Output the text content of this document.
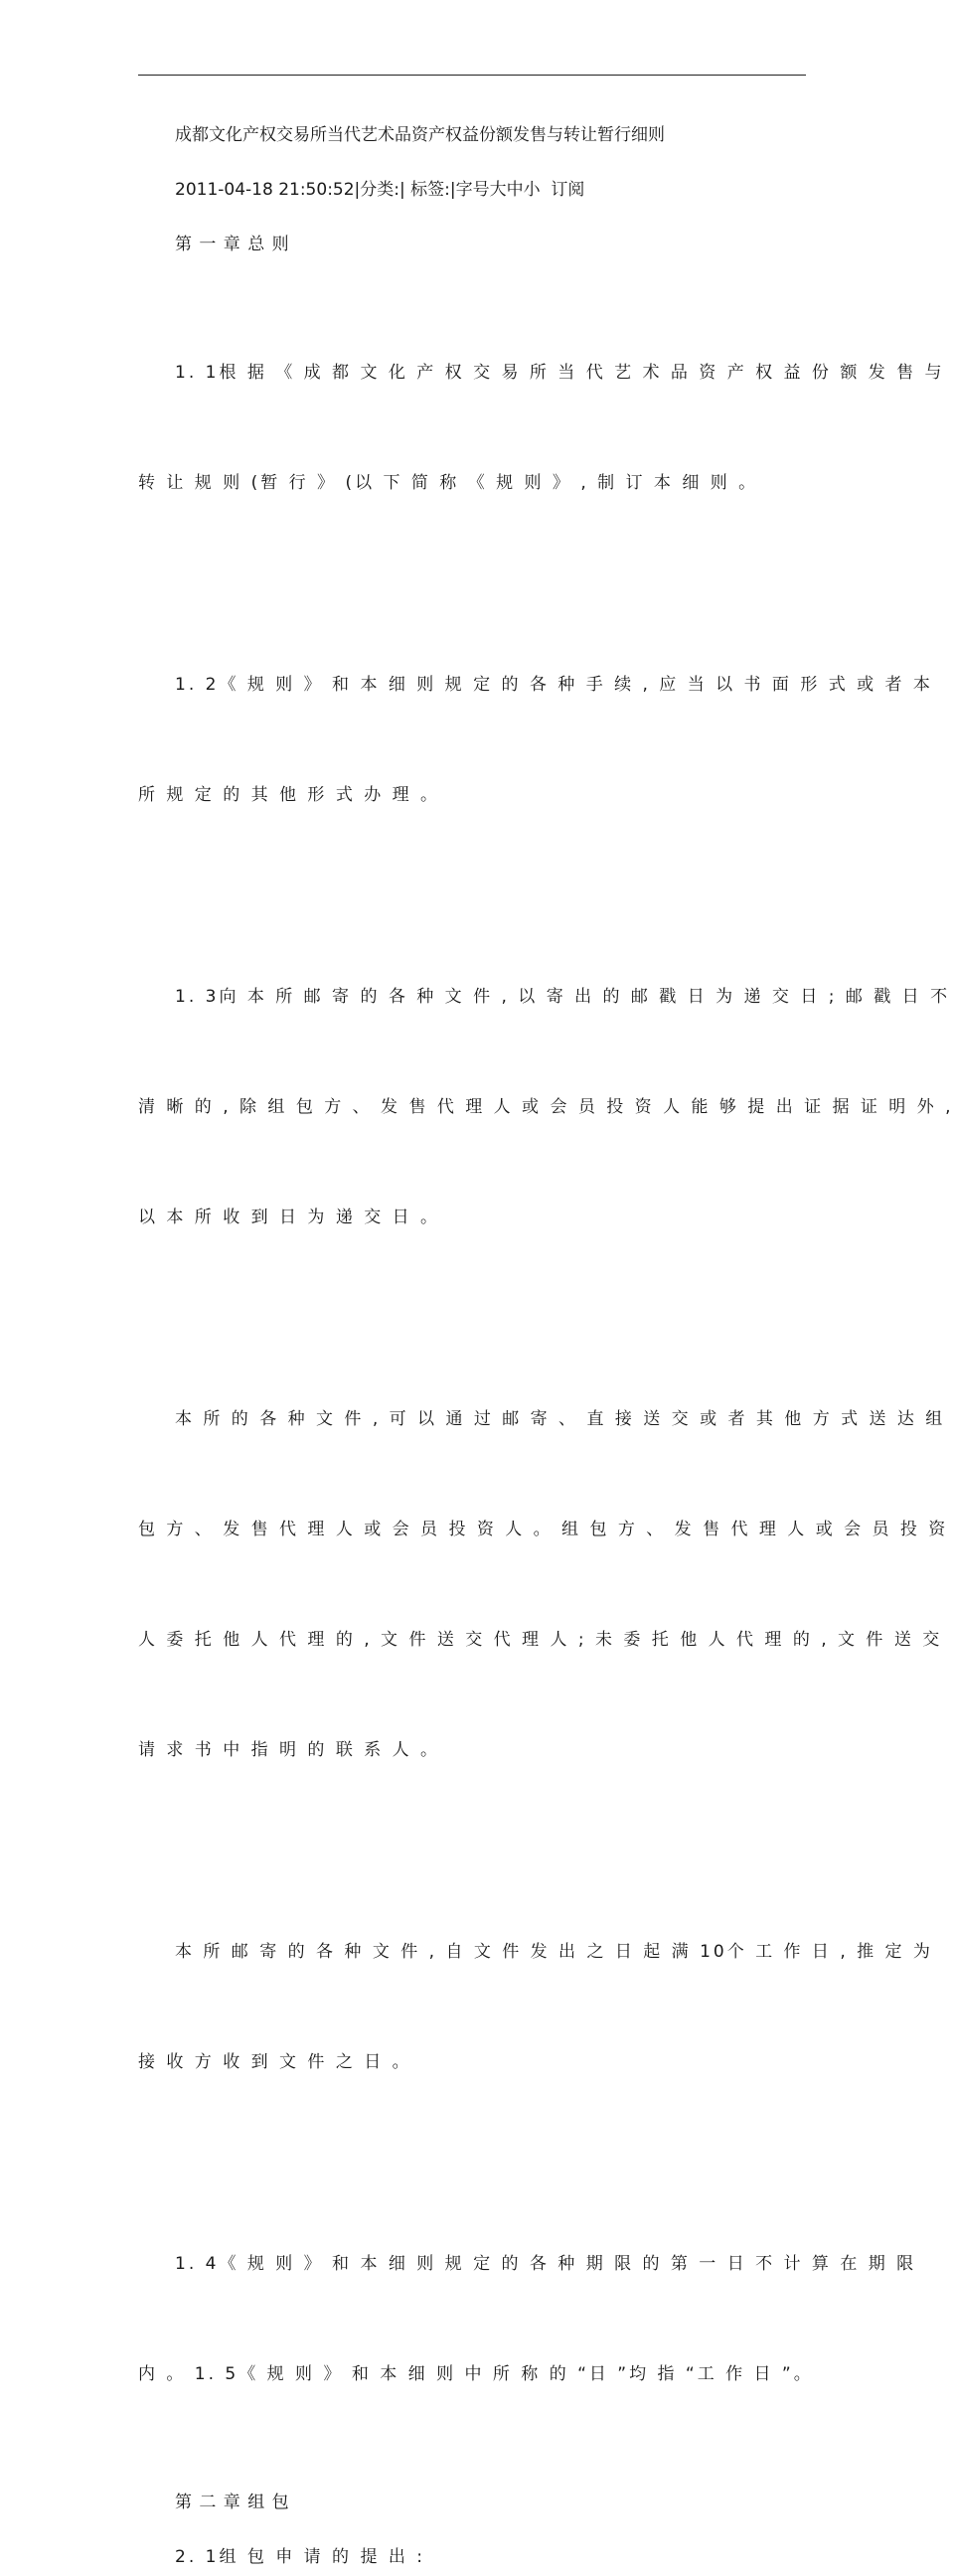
成都文化产权交易所当代艺术品资产权益份额发售与转让暂行细则

2011-04-18 21:50:52|分类:| 标签:|字号大中小  订阅

第 一 章 总 则

1. 1根 据 《 成 都 文 化 产 权 交 易 所 当 代 艺 术 品 资 产 权 益 份 额 发 售 与

转 让 规 则 (暂 行 》 (以 下 简 称 《 规 则 》 , 制 订 本 细 则 。

1. 2《 规 则 》 和 本 细 则 规 定 的 各 种 手 续 , 应 当 以 书 面 形 式 或 者 本

所 规 定 的 其 他 形 式 办 理 。

1. 3向 本 所 邮 寄 的 各 种 文 件 , 以 寄 出 的 邮 戳 日 为 递 交 日 ; 邮 戳 日 不

清 晰 的 , 除 组 包 方 、 发 售 代 理 人 或 会 员 投 资 人 能 够 提 出 证 据 证 明 外 ,

以 本 所 收 到 日 为 递 交 日 。

本 所 的 各 种 文 件 , 可 以 通 过 邮 寄 、 直 接 送 交 或 者 其 他 方 式 送 达 组

包 方 、 发 售 代 理 人 或 会 员 投 资 人 。 组 包 方 、 发 售 代 理 人 或 会 员 投 资

人 委 托 他 人 代 理 的 , 文 件 送 交 代 理 人 ; 未 委 托 他 人 代 理 的 , 文 件 送 交

请 求 书 中 指 明 的 联 系 人 。

本 所 邮 寄 的 各 种 文 件 , 自 文 件 发 出 之 日 起 满 10个 工 作 日 , 推 定 为

接 收 方 收 到 文 件 之 日 。

1. 4《 规 则 》 和 本 细 则 规 定 的 各 种 期 限 的 第 一 日 不 计 算 在 期 限

内 。 1. 5《 规 则 》 和 本 细 则 中 所 称 的 “日 ”均 指 “工 作 日 ”。

第 二 章 组 包

2. 1组 包 申 请 的 提 出 :
